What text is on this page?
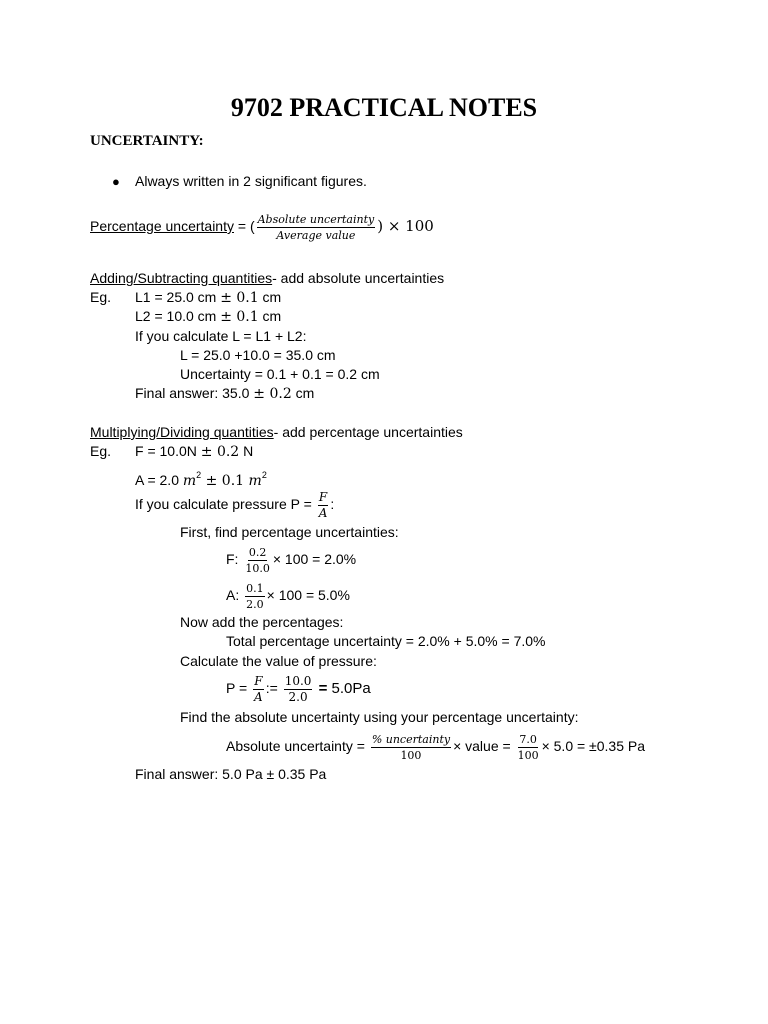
9702 PRACTICAL NOTES
UNCERTAINTY:
● Always written in 2 significant figures.
Percentage uncertainty = ( $\frac{\text{Absolute uncertainty}}{\text{Average value}}$ ) × 100
Adding/Subtracting quantities- add absolute uncertainties
Eg. L1 = 25.0 cm ± 0.1 cm
L2 = 10.0 cm ± 0.1 cm
If you calculate L = L1 + L2:
L = 25.0 +10.0 = 35.0 cm
Uncertainty = 0.1 + 0.1 = 0.2 cm
Final answer: 35.0 ± 0.2 cm
Multiplying/Dividing quantities- add percentage uncertainties
Eg. F = 10.0N ± 0.2 N
A = 2.0 $m^2 \pm 0.1$ $m^2$
If you calculate pressure $P = \frac{F}{A}$ :
First, find percentage uncertainties:
F: $\frac{0.2}{10.0} \times 100 = 2.0\%$
A: $\frac{0.1}{2.0} \times 100 = 5.0\%$
Now add the percentages:
Total percentage uncertainty = 2.0% + 5.0% = 7.0%
Calculate the value of pressure:
$P = \frac{F}{A}$ := $\frac{10.0}{2.0} = 5.0Pa$
Find the absolute uncertainty using your percentage uncertainty:
Absolute uncertainty = $\frac{\text{\% uncertainty}}{100}$ × value = $\frac{7.0}{100} \times 5.0 = \pm 0.35$ Pa
Final answer: 5.0 Pa ± 0.35 Pa
